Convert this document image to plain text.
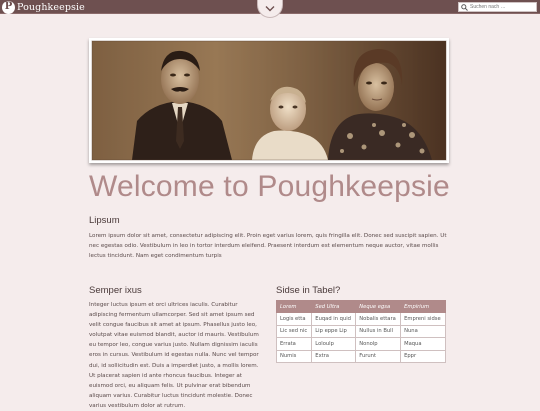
P Poughkeepsie
Suchen nach …
Welcome to Poughkeepsie
Lipsum

Lorem ipsum dolor sit amet, consectetur adipiscing elit. Proin eget varius lorem, quis fringilla elit. Donec sed suscipit sapien. Ut nec egestas odio. Vestibulum in leo in tortor interdum eleifend. Praesent interdum est elementum neque auctor, vitae mollis lectus tincidunt. Nam eget condimentum turpis

Semper ixus

Integer luctus ipsum et orci ultrices iaculis. Curabitur adipiscing fermentum ullamcorper. Sed sit amet ipsum sed velit congue faucibus sit amet at ipsum. Phasellus justo leo, volutpat vitae euismod blandit, auctor id mauris. Vestibulum eu tempor leo, congue varius justo. Nullam dignissim iaculis eros in cursus. Vestibulum id egestas nulla. Nunc vel tempor dui, id sollicitudin est. Duis a imperdiet justo, a mollis lorem. Ut placerat sapien id ante rhoncus faucibus. Integer at euismod orci, eu aliquam felis. Ut pulvinar erat bibendum aliquam varius. Curabitur luctus tincidunt molestie. Donec varius vestibulum dolor at rutrum.

Sidse in Tabel?
Lorem	Sed Ultra	Neque egsa	Empirium
Logis etta	Euqad in quid	Nobalis ettara	Empreni sidse
Lic sed nic	Lip eppe Lip	Nullus in Bull	Nuna
Errata	Loloulp	Nonolp	Maqua
Numis	Extra	Furunt	Eppr
